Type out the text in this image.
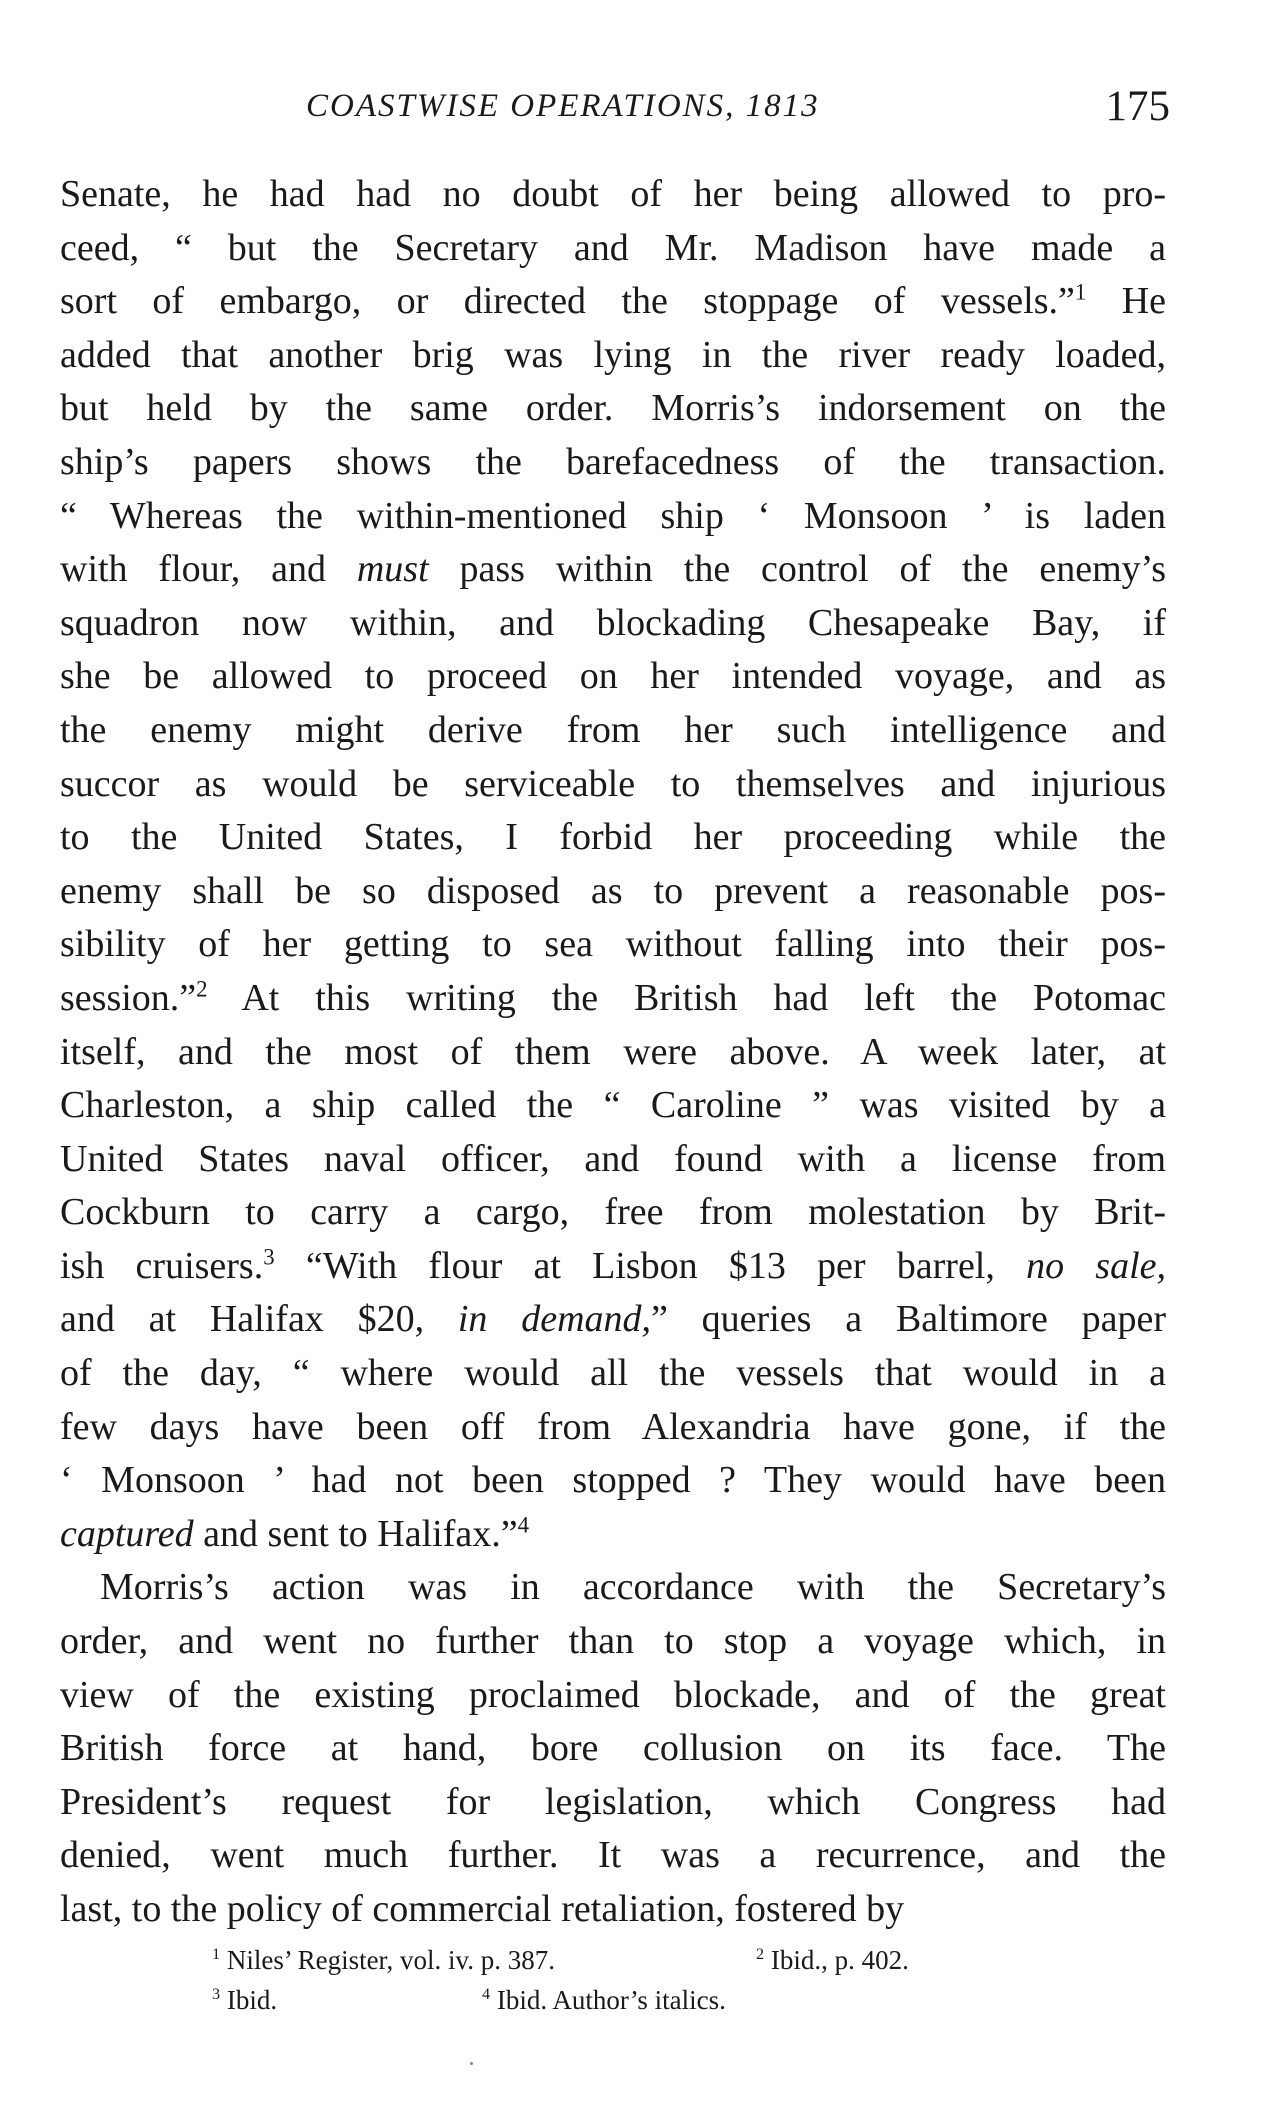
COASTWISE OPERATIONS, 1813	175
Senate, he had had no doubt of her being allowed to pro-
ceed, “ but the Secretary and Mr. Madison have made a
sort of embargo, or directed the stoppage of vessels.”$^1$ He
added that another brig was lying in the river ready loaded,
but held by the same order. Morris’s indorsement on the
ship’s papers shows the barefacedness of the transaction.
“ Whereas the within-mentioned ship ‘ Monsoon ’ is laden
with flour, and must pass within the control of the enemy’s
squadron now within, and blockading Chesapeake Bay, if
she be allowed to proceed on her intended voyage, and as
the enemy might derive from her such intelligence and
succor as would be serviceable to themselves and injurious
to the United States, I forbid her proceeding while the
enemy shall be so disposed as to prevent a reasonable pos-
sibility of her getting to sea without falling into their pos-
session.”$^2$ At this writing the British had left the Potomac
itself, and the most of them were above. A week later, at
Charleston, a ship called the “ Caroline ” was visited by a
United States naval officer, and found with a license from
Cockburn to carry a cargo, free from molestation by Brit-
ish cruisers.$^3$ “With flour at Lisbon $13 per barrel, no sale,
and at Halifax $20, in demand,” queries a Baltimore paper
of the day, “ where would all the vessels that would in a
few days have been off from Alexandria have gone, if the
‘ Monsoon ’ had not been stopped ? They would have been
captured and sent to Halifax.”$^4$
Morris’s action was in accordance with the Secretary’s
order, and went no further than to stop a voyage which, in
view of the existing proclaimed blockade, and of the great
British force at hand, bore collusion on its face. The
President’s request for legislation, which Congress had
denied, went much further. It was a recurrence, and the
last, to the policy of commercial retaliation, fostered by
$^1$ Niles’ Register, vol. iv. p. 387.	$^2$ Ibid., p. 402.
$^3$ Ibid.	$^4$ Ibid. Author’s italics.
